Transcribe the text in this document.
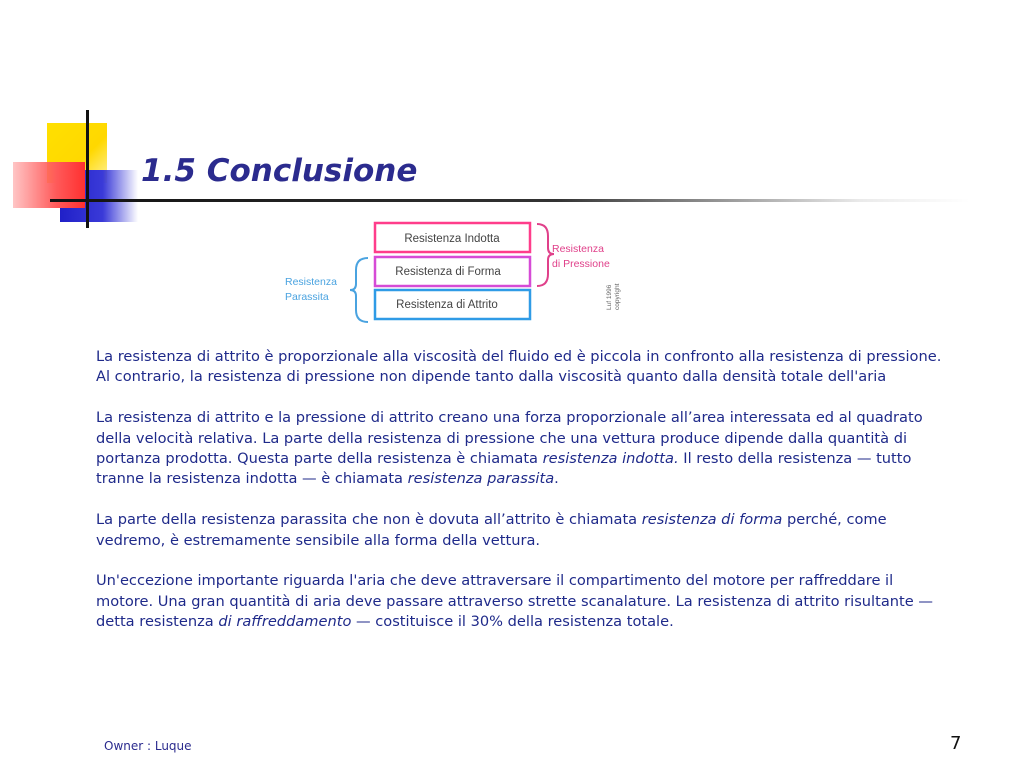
1.5 Conclusione
Resistenza Indotta
Resistenza di Forma
Resistenza di Attrito
Resistenza
Parassita
Resistenza
di Pressione
Luf 1996 copyright

La resistenza di attrito è proporzionale alla viscosità del fluido ed è piccola in confronto alla resistenza di pressione. Al contrario, la resistenza di pressione non dipende tanto dalla viscosità quanto dalla densità totale dell'aria

La resistenza di attrito e la pressione di attrito creano una forza proporzionale all’area interessata ed al quadrato della velocità relativa. La parte della resistenza di pressione che una vettura produce dipende dalla quantità di portanza prodotta. Questa parte della resistenza è chiamata resistenza indotta. Il resto della resistenza — tutto tranne la resistenza indotta — è chiamata resistenza parassita.

La parte della resistenza parassita che non è dovuta all’attrito è chiamata resistenza di forma perché, come vedremo, è estremamente sensibile alla forma della vettura.

Un'eccezione importante riguarda l'aria che deve attraversare il compartimento del motore per raffreddare il motore. Una gran quantità di aria deve passare attraverso strette scanalature. La resistenza di attrito risultante — detta resistenza di raffreddamento — costituisce il 30% della resistenza totale.

Owner : Luque	7
